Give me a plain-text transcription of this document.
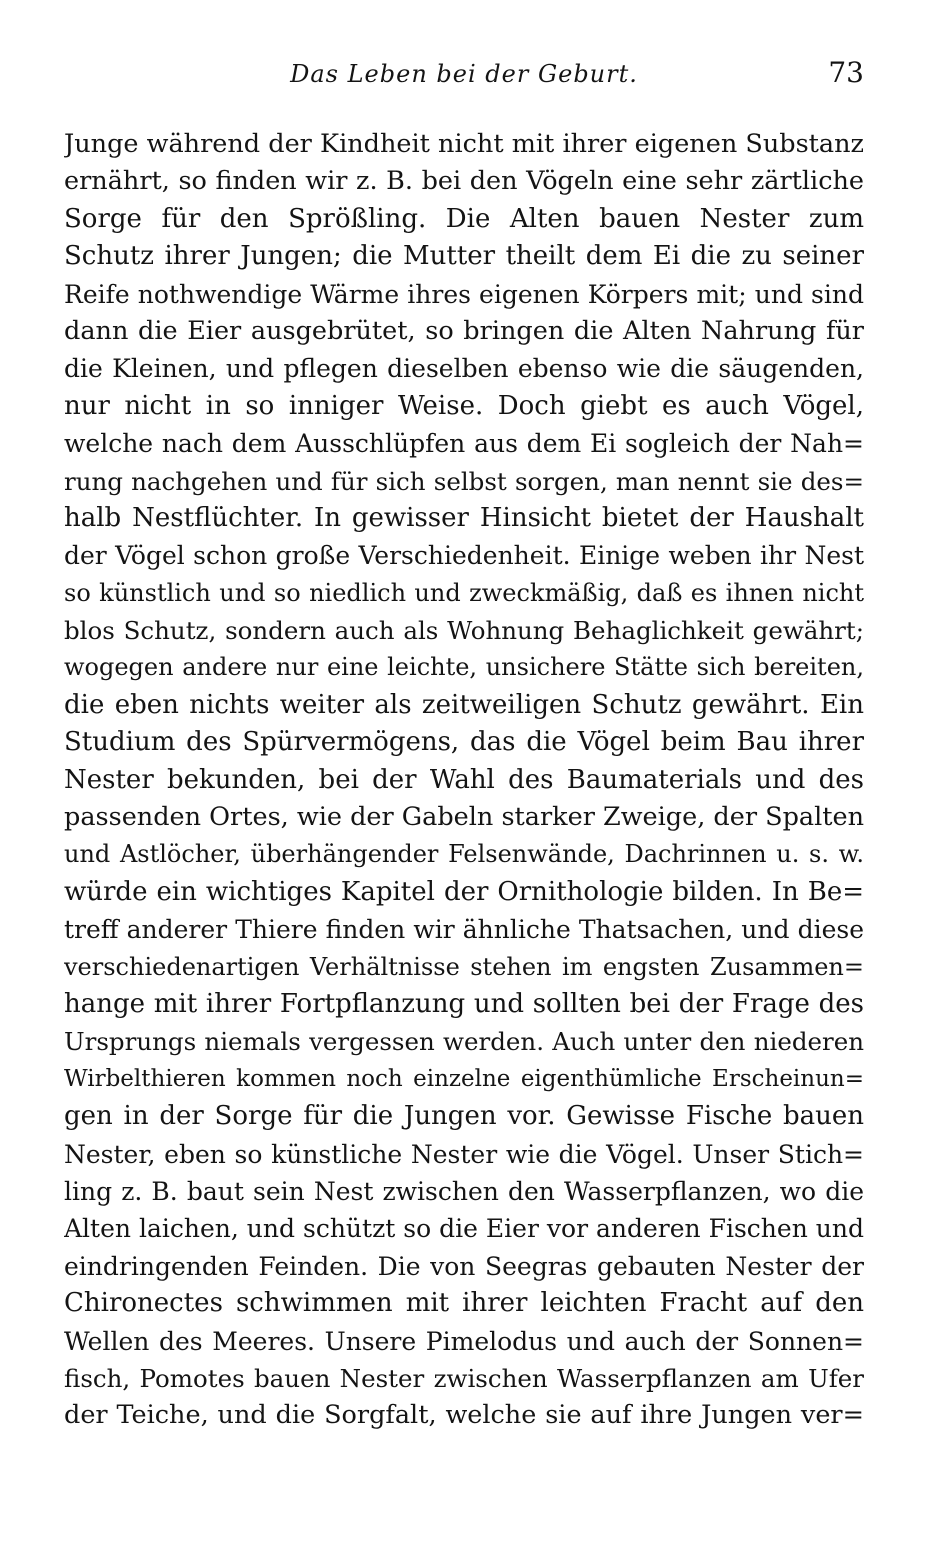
Das Leben bei der Geburt.	73
Junge während der Kindheit nicht mit ihrer eigenen Substanz
ernährt, so finden wir z. B. bei den Vögeln eine sehr zärtliche
Sorge für den Sprößling. Die Alten bauen Nester zum
Schutz ihrer Jungen; die Mutter theilt dem Ei die zu seiner
Reife nothwendige Wärme ihres eigenen Körpers mit; und sind
dann die Eier ausgebrütet, so bringen die Alten Nahrung für
die Kleinen, und pflegen dieselben ebenso wie die säugenden,
nur nicht in so inniger Weise. Doch giebt es auch Vögel,
welche nach dem Ausschlüpfen aus dem Ei sogleich der Nah=
rung nachgehen und für sich selbst sorgen, man nennt sie des=
halb Nestflüchter. In gewisser Hinsicht bietet der Haushalt
der Vögel schon große Verschiedenheit. Einige weben ihr Nest
so künstlich und so niedlich und zweckmäßig, daß es ihnen nicht
blos Schutz, sondern auch als Wohnung Behaglichkeit gewährt;
wogegen andere nur eine leichte, unsichere Stätte sich bereiten,
die eben nichts weiter als zeitweiligen Schutz gewährt. Ein
Studium des Spürvermögens, das die Vögel beim Bau ihrer
Nester bekunden, bei der Wahl des Baumaterials und des
passenden Ortes, wie der Gabeln starker Zweige, der Spalten
und Astlöcher, überhängender Felsenwände, Dachrinnen u. s. w.
würde ein wichtiges Kapitel der Ornithologie bilden. In Be=
treff anderer Thiere finden wir ähnliche Thatsachen, und diese
verschiedenartigen Verhältnisse stehen im engsten Zusammen=
hange mit ihrer Fortpflanzung und sollten bei der Frage des
Ursprungs niemals vergessen werden. Auch unter den niederen
Wirbelthieren kommen noch einzelne eigenthümliche Erscheinun=
gen in der Sorge für die Jungen vor. Gewisse Fische bauen
Nester, eben so künstliche Nester wie die Vögel. Unser Stich=
ling z. B. baut sein Nest zwischen den Wasserpflanzen, wo die
Alten laichen, und schützt so die Eier vor anderen Fischen und
eindringenden Feinden. Die von Seegras gebauten Nester der
Chironectes schwimmen mit ihrer leichten Fracht auf den
Wellen des Meeres. Unsere Pimelodus und auch der Sonnen=
fisch, Pomotes bauen Nester zwischen Wasserpflanzen am Ufer
der Teiche, und die Sorgfalt, welche sie auf ihre Jungen ver=
